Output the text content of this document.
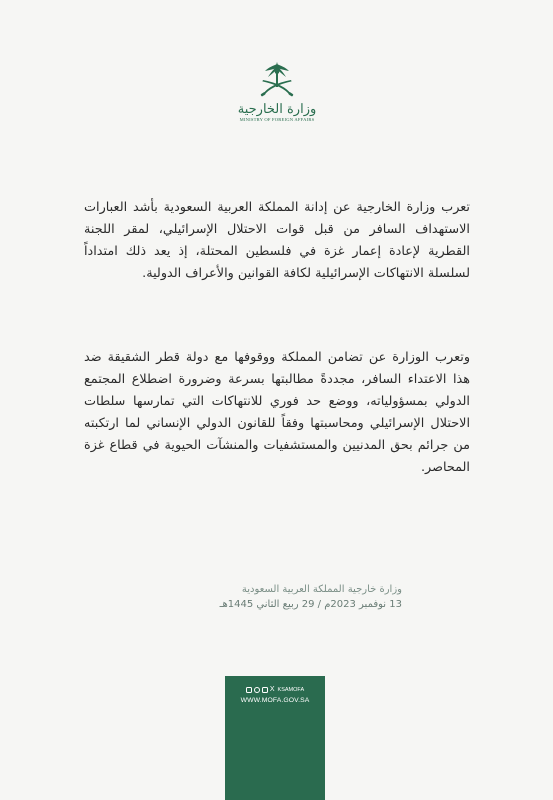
وزارة الخارجية
MINISTRY OF FOREIGN AFFAIRS

تعرب وزارة الخارجية عن إدانة المملكة العربية السعودية بأشد العبارات الاستهداف السافر من قبل قوات الاحتلال الإسرائيلي، لمقر اللجنة القطرية لإعادة إعمار غزة في فلسطين المحتلة، إذ يعد ذلك امتداداً لسلسلة الانتهاكات الإسرائيلية لكافة القوانين والأعراف الدولية.

وتعرب الوزارة عن تضامن المملكة ووقوفها مع دولة قطر الشقيقة ضد هذا الاعتداء السافر، مجددةً مطالبتها بسرعة وضرورة اضطلاع المجتمع الدولي بمسؤولياته، ووضع حد فوري للانتهاكات التي تمارسها سلطات الاحتلال الإسرائيلي ومحاسبتها وفقاً للقانون الدولي الإنساني لما ارتكبته من جرائم بحق المدنيين والمستشفيات والمنشآت الحيوية في قطاع غزة المحاصر.

وزارة خارجية المملكة العربية السعودية
13 نوفمبر 2023م / 29 ربيع الثاني 1445هـ
X KSAMOFA
WWW.MOFA.GOV.SA
